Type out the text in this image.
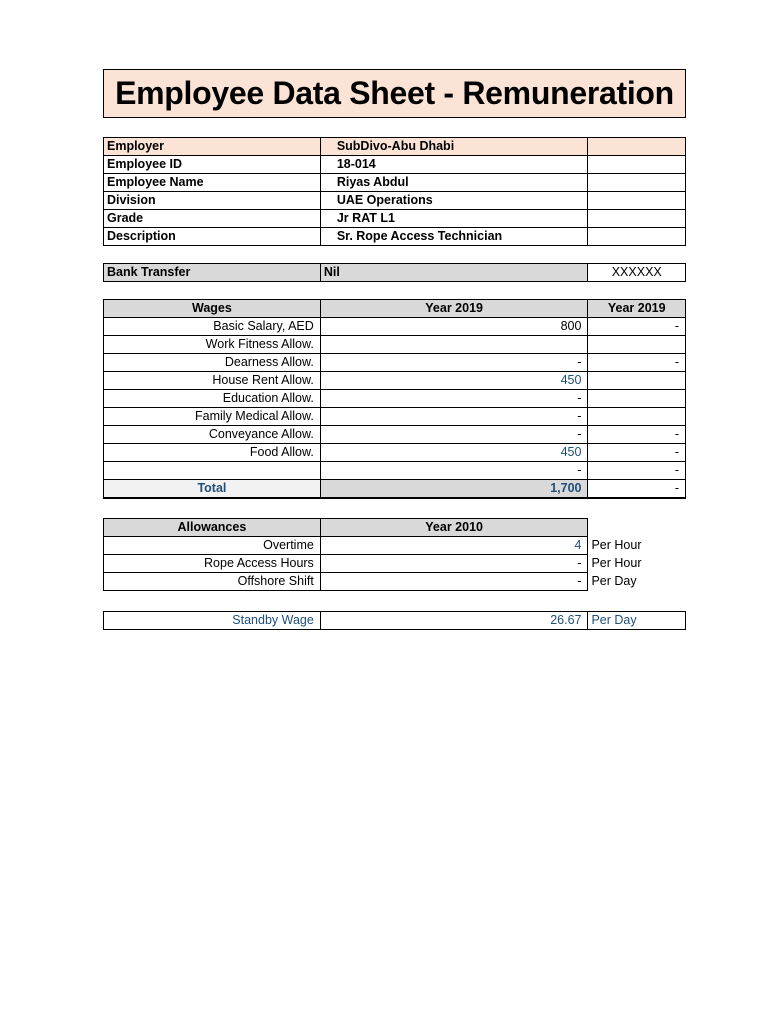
Employee Data Sheet - Remuneration
Employer	SubDivo-Abu Dhabi	
Employee ID	18-014	
Employee Name	Riyas Abdul	
Division	UAE Operations	
Grade	Jr RAT L1	
Description	Sr. Rope Access Technician	
Bank Transfer	Nil	XXXXXX
Wages	Year 2019	Year 2019
Basic Salary, AED	800	-
Work Fitness Allow.		
Dearness Allow.	-	-
House Rent Allow.	450	
Education Allow.	-	
Family Medical Allow.	-	
Conveyance Allow.	-	-
Food Allow.	450	-
	-	-
Total	1,700	-
Allowances	Year 2010	
Overtime	4	Per Hour
Rope Access Hours	-	Per Hour
Offshore Shift	-	Per Day
Standby Wage	26.67	Per Day
